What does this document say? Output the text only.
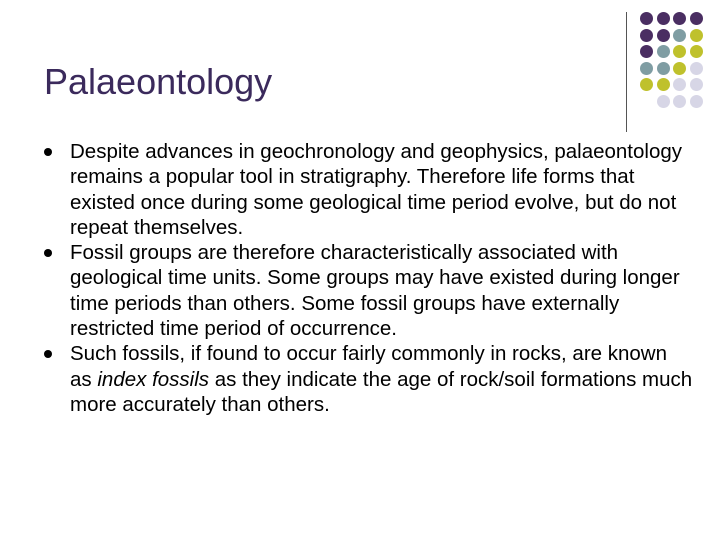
Palaeontology
Despite advances in geochronology and geophysics, palaeontology remains a popular tool in stratigraphy. Therefore life forms that existed once during some geological time period evolve, but do not repeat themselves.
Fossil groups are therefore characteristically associated with geological time units. Some groups may have existed during longer time periods than others. Some fossil groups have externally restricted time period of occurrence.
Such fossils, if found to occur fairly commonly in rocks, are known as index fossils as they indicate the age of rock/soil formations much more accurately than others.
